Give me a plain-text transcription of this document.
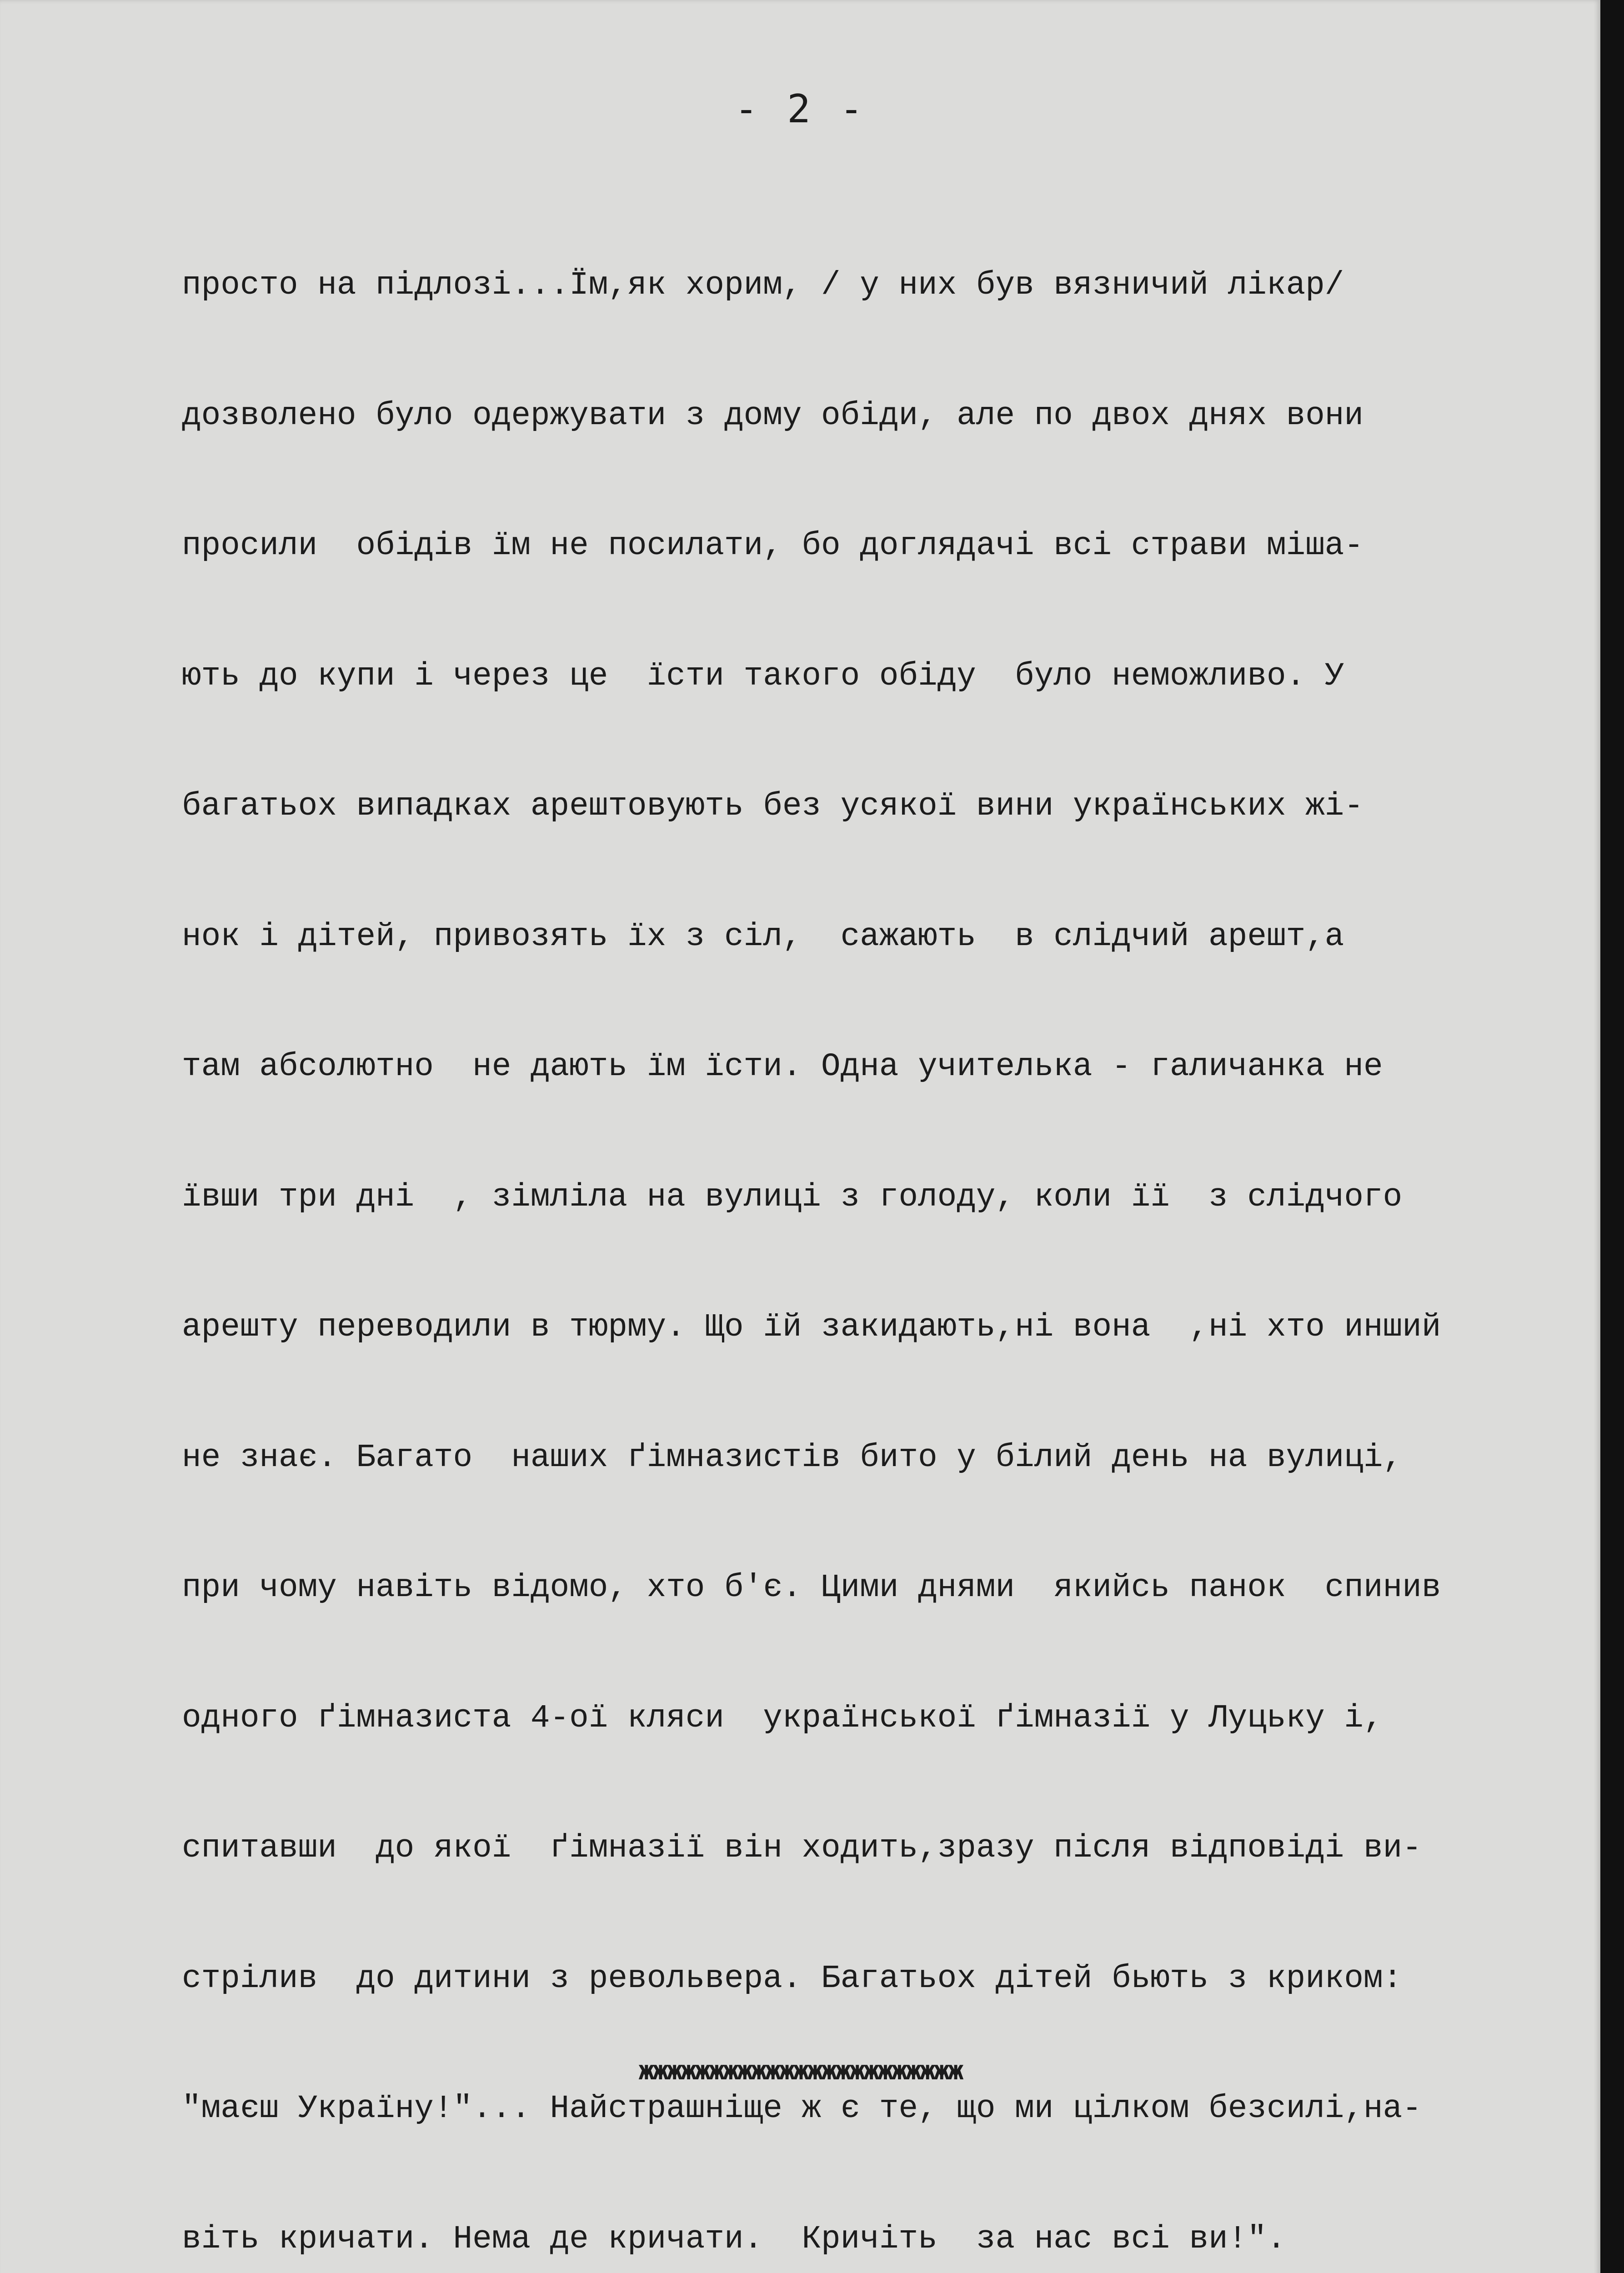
- 2 -

просто на підлозі...Їм,як хорим, / у них був вязничий лікар/

дозволено було одержувати з дому обіди, але по двох днях вони

просили  обідів їм не посилати, бо доглядачі всі страви мішa-

ють до купи і через це  їсти такого обіду  було неможливо. У

багатьох випадках арештовують без усякої вини українських жі-

нок і дітей, привозять їх з сіл,  сажають  в слідчий арешт,а

там абсолютно  не дають їм їсти. Одна учителька - галичанка не

ївши три дні  , зімліла на вулиці з голоду, коли її  з слідчого

арешту переводили в тюрму. Що їй закидають,ні вона  ,ні хто инший

не знає. Багато  наших ґімназистів бито у білий день на вулиці,

при чому навіть відомо, хто б'є. Цими днями  якийсь панок  спинив

одного ґімназиста 4-ої кляси  української ґімназії у Луцьку і,

спитавши  до якої  ґімназії він ходить,зразу після відповіді ви-

стрілив  до дитини з револьвера. Багатьох дітей бьють з криком:

"маєш Україну!"... Найстрашніще ж є те, що ми цілком безсилі,на-

віть кричати. Нема де кричати.  Кричіть  за нас всі ви!".

жжжжжжжжжжжжжжжжжжжжжжж
